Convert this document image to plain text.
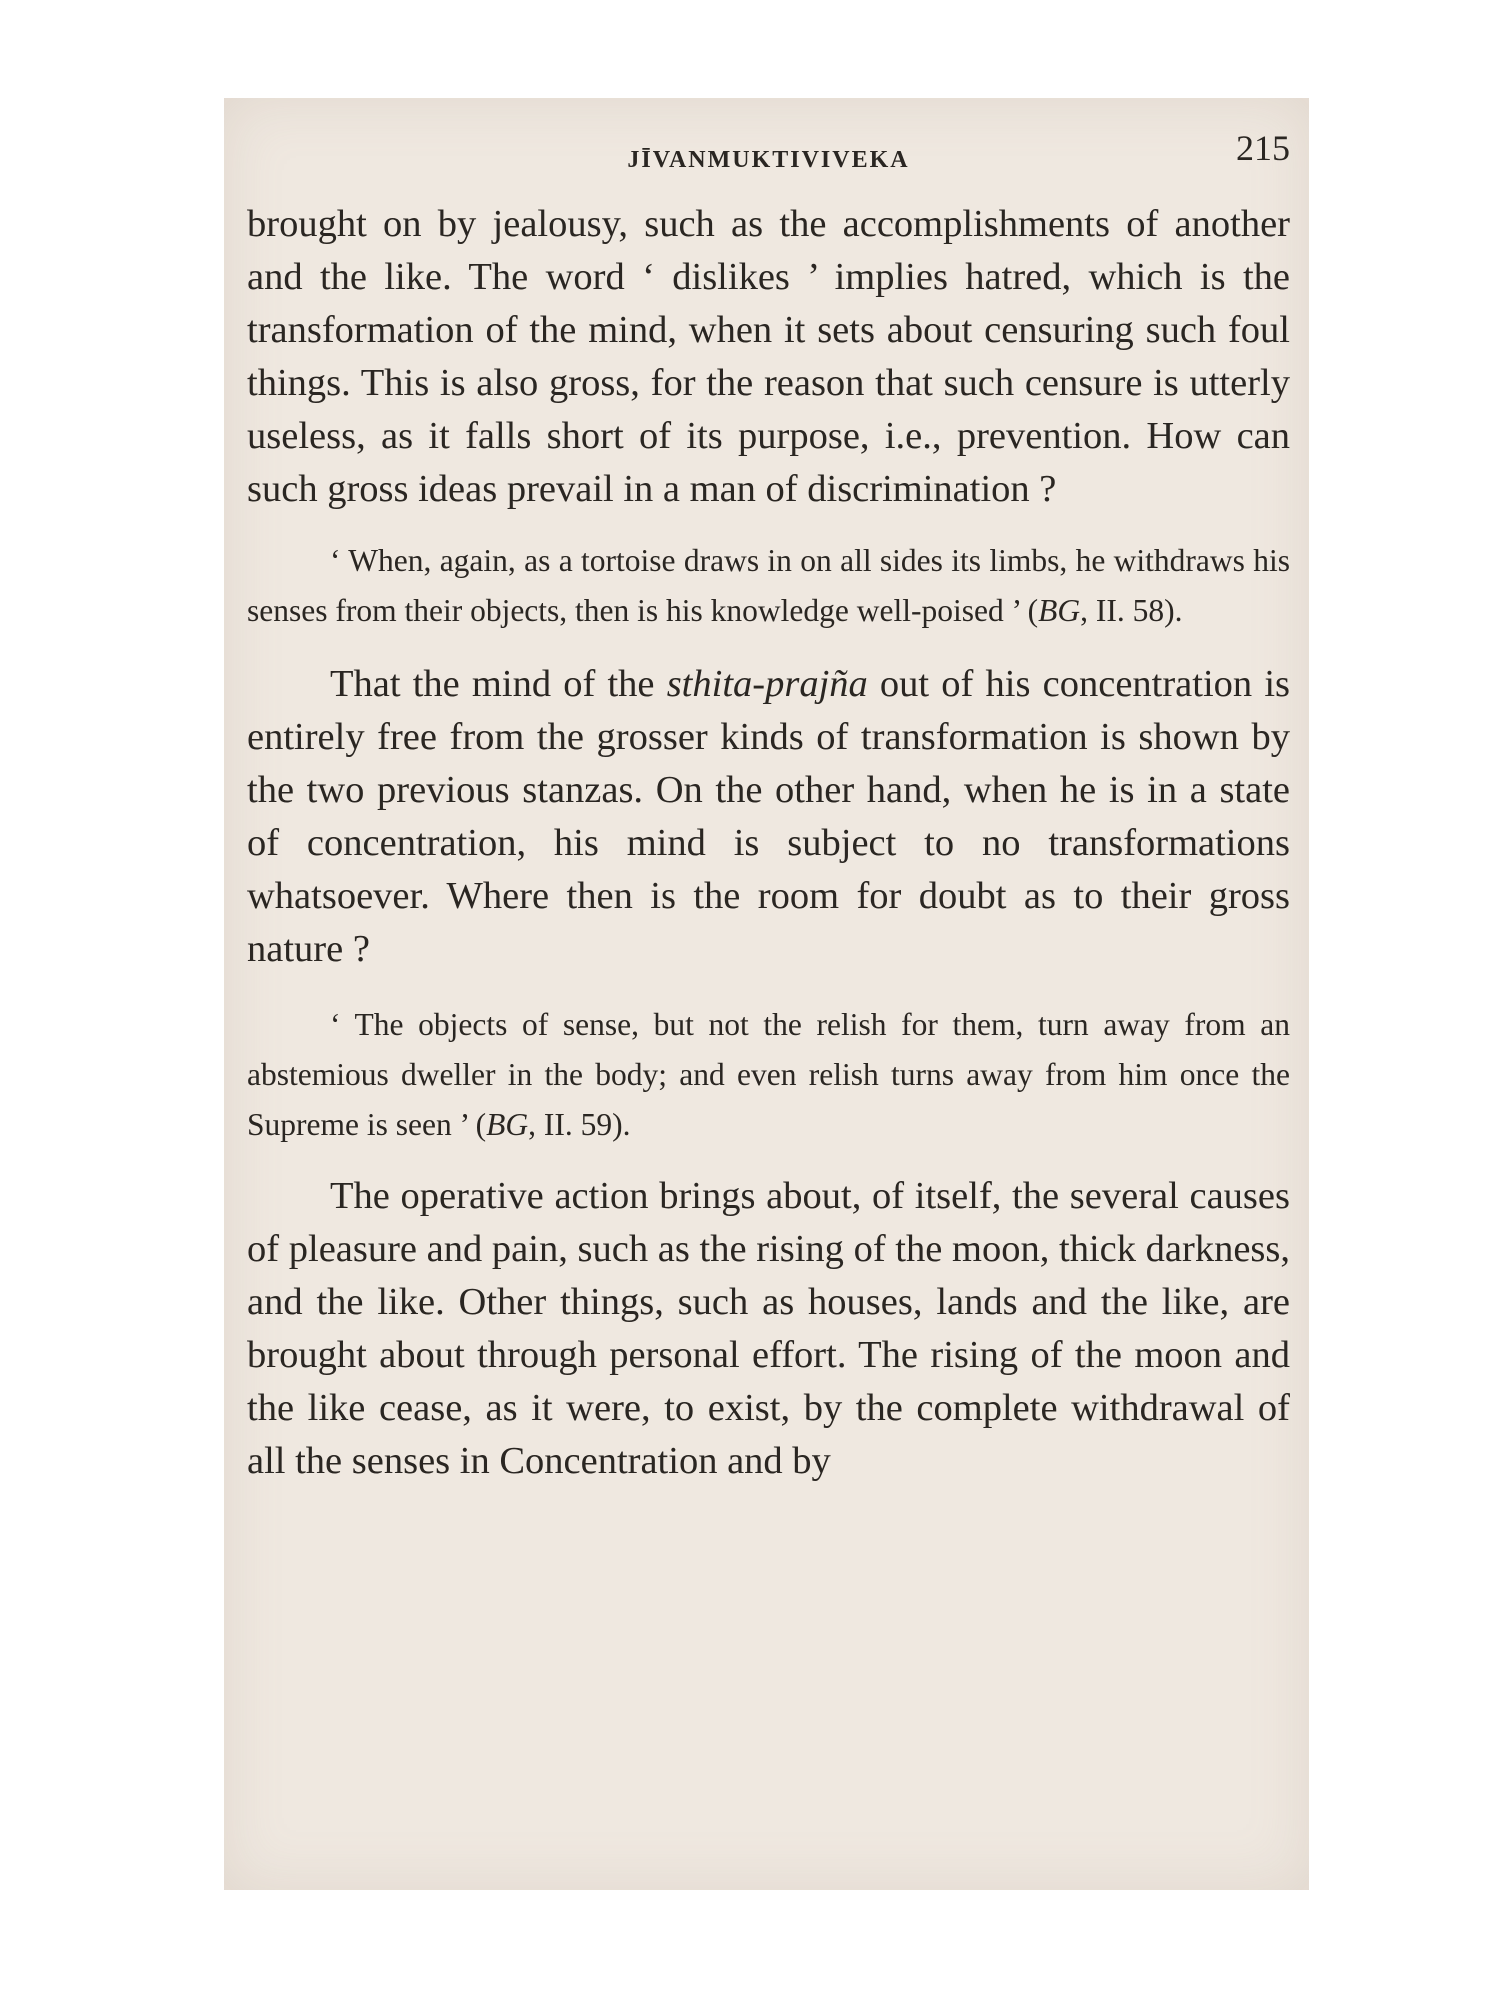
JĪVANMUKTIVIVEKA	215

brought on by jealousy, such as the accomplishments of another and the like. The word ‘ dislikes ’ implies hatred, which is the transformation of the mind, when it sets about censuring such foul things. This is also gross, for the reason that such censure is utterly useless, as it falls short of its purpose, i.e., prevention. How can such gross ideas prevail in a man of discrimination ?

‘ When, again, as a tortoise draws in on all sides its limbs, he withdraws his senses from their objects, then is his knowledge well-poised ’ (BG, II. 58).

That the mind of the sthita-prajña out of his concentration is entirely free from the grosser kinds of transformation is shown by the two previous stanzas. On the other hand, when he is in a state of concentration, his mind is subject to no transformations whatsoever. Where then is the room for doubt as to their gross nature ?

‘ The objects of sense, but not the relish for them, turn away from an abstemious dweller in the body; and even relish turns away from him once the Supreme is seen ’ (BG, II. 59).

The operative action brings about, of itself, the several causes of pleasure and pain, such as the rising of the moon, thick darkness, and the like. Other things, such as houses, lands and the like, are brought about through personal effort. The rising of the moon and the like cease, as it were, to exist, by the complete withdrawal of all the senses in Concentration and by
